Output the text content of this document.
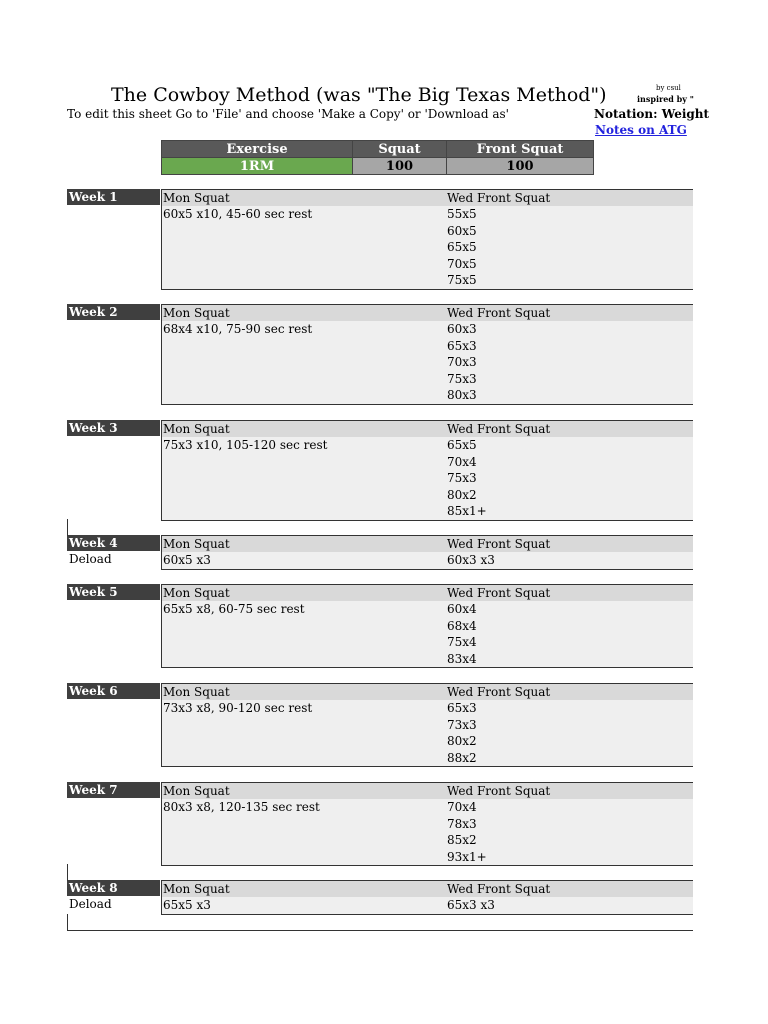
The Cowboy Method (was "The Big Texas Method")
To edit this sheet Go to 'File' and choose 'Make a Copy' or 'Download as'
by csul
inspired by "
Notation: Weight
Notes on ATG
Exercise	Squat	Front Squat
1RM	100	100
Week 1	Mon Squat	Wed Front Squat
60x5 x10, 45-60 sec rest	55x5
60x5
65x5
70x5
75x5
Week 2	Mon Squat	Wed Front Squat
68x4 x10, 75-90 sec rest	60x3
65x3
70x3
75x3
80x3
Week 3	Mon Squat	Wed Front Squat
75x3 x10, 105-120 sec rest	65x5
70x4
75x3
80x2
85x1+
Week 4
Deload
Mon Squat	Wed Front Squat
60x5 x3	60x3 x3
Week 5	Mon Squat	Wed Front Squat
65x5 x8, 60-75 sec rest	60x4
68x4
75x4
83x4
Week 6	Mon Squat	Wed Front Squat
73x3 x8, 90-120 sec rest	65x3
73x3
80x2
88x2
Week 7	Mon Squat	Wed Front Squat
80x3 x8, 120-135 sec rest	70x4
78x3
85x2
93x1+
Week 8
Deload
Mon Squat	Wed Front Squat
65x5 x3	65x3 x3
